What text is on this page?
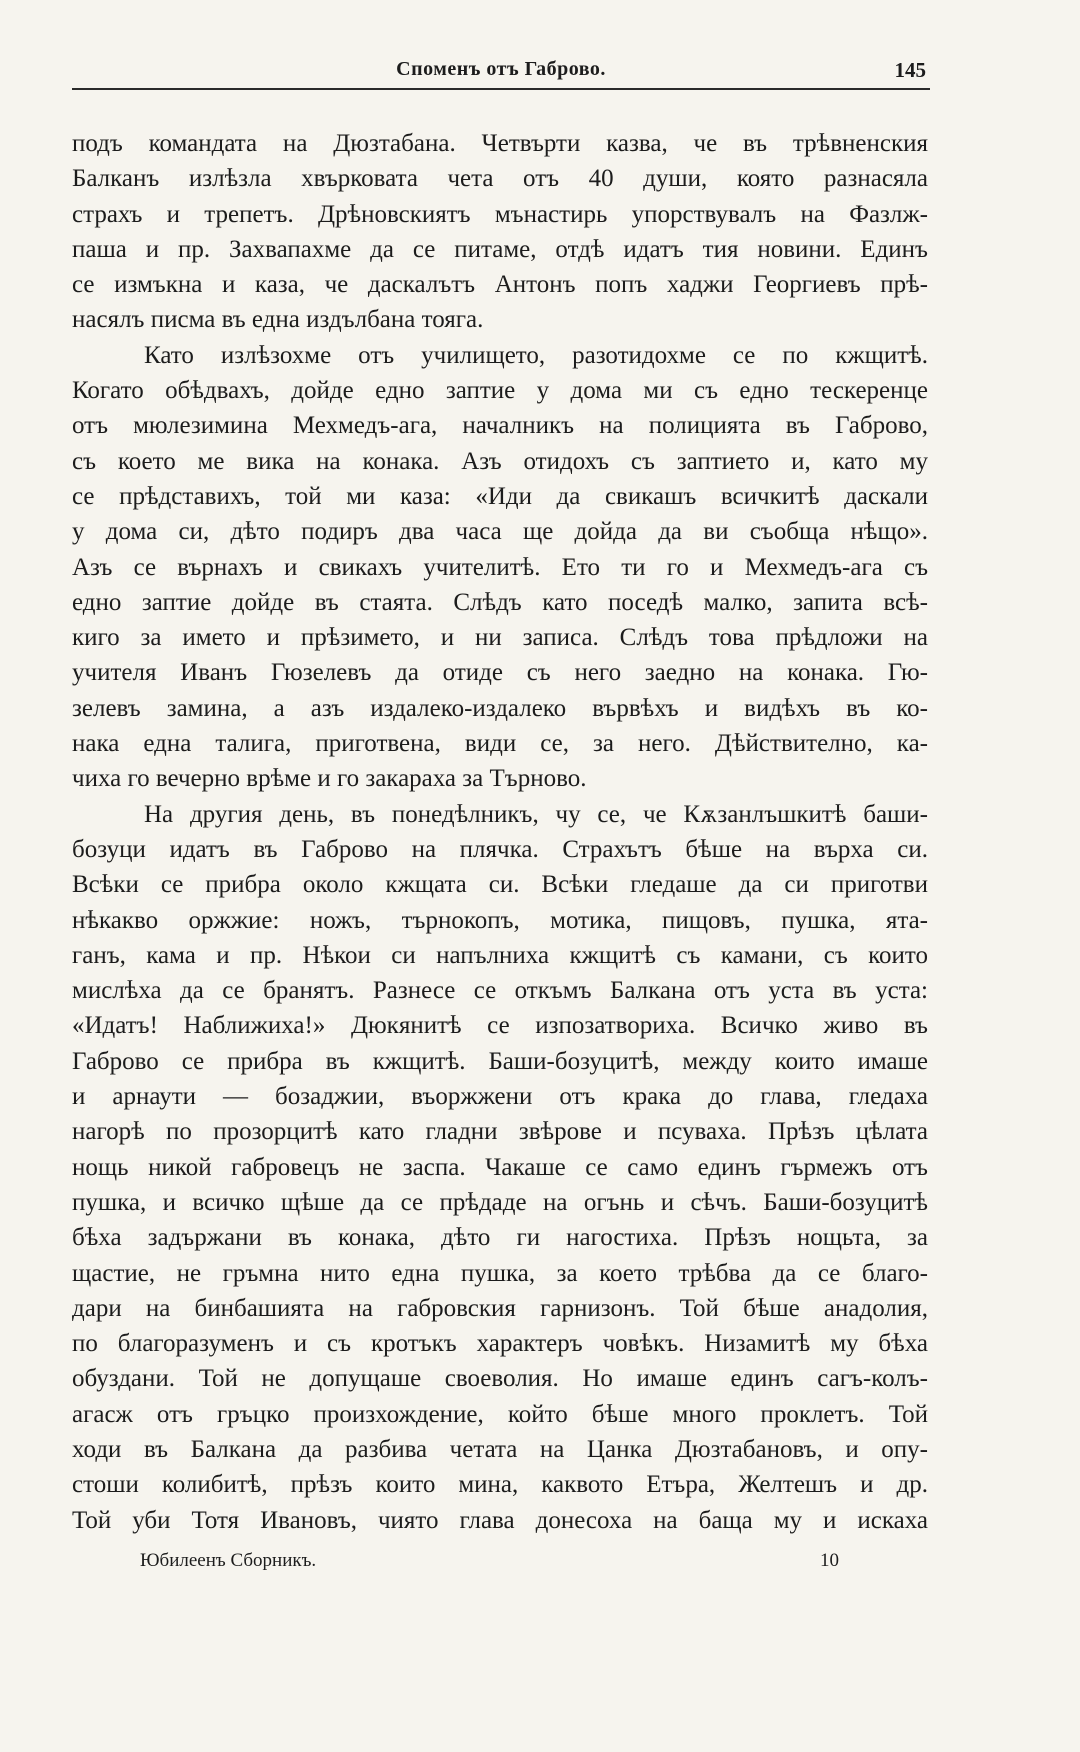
Споменъ отъ Габрово.	145
подъ командата на Дюзтабана. Четвърти казва, че въ трѣвненския
Балканъ излѣзла хвърковата чета отъ 40 души, която разнасяла
страхъ и трепетъ. Дрѣновскиятъ мънастирь упорствувалъ на Фазлж-
паша и пр. Захвапахме да се питаме, отдѣ идатъ тия новини. Единъ
се измъкна и каза, че даскалътъ Антонъ попъ хаджи Георгиевъ прѣ-
насялъ писма въ една издълбана тояга.
Като излѣзохме отъ училището, разотидохме се по кжщитѣ.
Когато обѣдвахъ, дойде едно заптие у дома ми съ едно тескеренце
отъ мюлезимина Мехмедъ-ага, началникъ на полицията въ Габрово,
съ което ме вика на конака. Азъ отидохъ съ заптието и, като му
се прѣдставихъ, той ми каза: «Иди да свикашъ всичкитѣ даскали
у дома си, дѣто подиръ два часа ще дойда да ви съобща нѣщо».
Азъ се върнахъ и свикахъ учителитѣ. Ето ти го и Мехмедъ-ага съ
едно заптие дойде въ стаята. Слѣдъ като поседѣ малко, запита всѣ-
киго за името и прѣзимето, и ни записа. Слѣдъ това прѣдложи на
учителя Иванъ Гюзелевъ да отиде съ него заедно на конака. Гю-
зелевъ замина, а азъ издалеко-издалеко вървѣхъ и видѣхъ въ ко-
нака една талига, приготвена, види се, за него. Дѣйствително, ка-
чиха го вечерно врѣме и го закараха за Търново.
На другия день, въ понедѣлникъ, чу се, че Кѫзанлъшкитѣ баши-
бозуци идатъ въ Габрово на плячка. Страхътъ бѣше на върха си.
Всѣки се прибра около кжщата си. Всѣки гледаше да си приготви
нѣкакво оржжие: ножъ, търнокопъ, мотика, пищовъ, пушка, ята-
ганъ, кама и пр. Нѣкои си напълниха кжщитѣ съ камани, съ които
мислѣха да се бранятъ. Разнесе се откъмъ Балкана отъ уста въ уста:
«Идатъ! Наближиха!» Дюкянитѣ се изпозатвориха. Всичко живо въ
Габрово се прибра въ кжщитѣ. Баши-бозуцитѣ, между които имаше
и арнаути — бозаджии, въоржжени отъ крака до глава, гледаха
нагорѣ по прозорцитѣ като гладни звѣрове и псуваха. Прѣзъ цѣлата
нощь никой габровецъ не заспа. Чакаше се само единъ гърмежъ отъ
пушка, и всичко щѣше да се прѣдаде на огънь и сѣчъ. Баши-бозуцитѣ
бѣха задържани въ конака, дѣто ги нагостиха. Прѣзъ нощьта, за
щастие, не гръмна нито една пушка, за което трѣбва да се благо-
дари на бинбашията на габровския гарнизонъ. Той бѣше анадолия,
по благоразуменъ и съ кротъкъ характеръ човѣкъ. Низамитѣ му бѣха
обуздани. Той не допущаше своеволия. Но имаше единъ сагъ-колъ-
агасж отъ гръцко произхождение, който бѣше много проклетъ. Той
ходи въ Балкана да разбива четата на Цанка Дюзтабановъ, и опу-
стоши колибитѣ, прѣзъ които мина, каквото Етъра, Желтешъ и др.
Той уби Тотя Ивановъ, чиято глава донесоха на баща му и искаха
Юбилеенъ Сборникъ.	10
